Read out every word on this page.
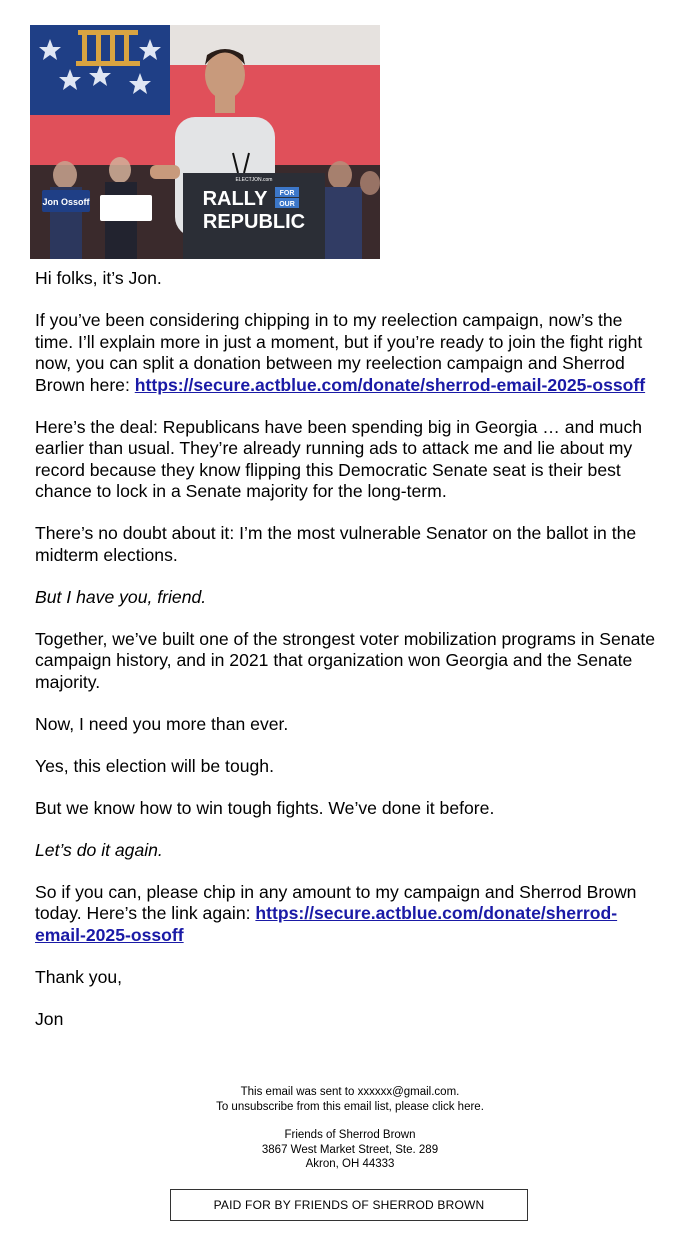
Jon Ossoff
ELECTJON.com
RALLY FOR
OUR
REPUBLIC

Hi folks, it’s Jon.

If you’ve been considering chipping in to my reelection campaign, now’s the time. I’ll explain more in just a moment, but if you’re ready to join the fight right now, you can split a donation between my reelection campaign and Sherrod Brown here: https://secure.actblue.com/donate/sherrod-email-2025-ossoff

Here’s the deal: Republicans have been spending big in Georgia … and much earlier than usual. They’re already running ads to attack me and lie about my record because they know flipping this Democratic Senate seat is their best chance to lock in a Senate majority for the long-term.

There’s no doubt about it: I’m the most vulnerable Senator on the ballot in the midterm elections.

But I have you, friend.

Together, we’ve built one of the strongest voter mobilization programs in Senate campaign history, and in 2021 that organization won Georgia and the Senate majority.

Now, I need you more than ever.

Yes, this election will be tough.

But we know how to win tough fights. We’ve done it before.

Let’s do it again.

So if you can, please chip in any amount to my campaign and Sherrod Brown today. Here’s the link again: https://secure.actblue.com/donate/sherrod-email-2025-ossoff

Thank you,

Jon

This email was sent to xxxxxx@gmail.com.

To unsubscribe from this email list, please click here.

Friends of Sherrod Brown

3867 West Market Street, Ste. 289

Akron, OH 44333

PAID FOR BY FRIENDS OF SHERROD BROWN
